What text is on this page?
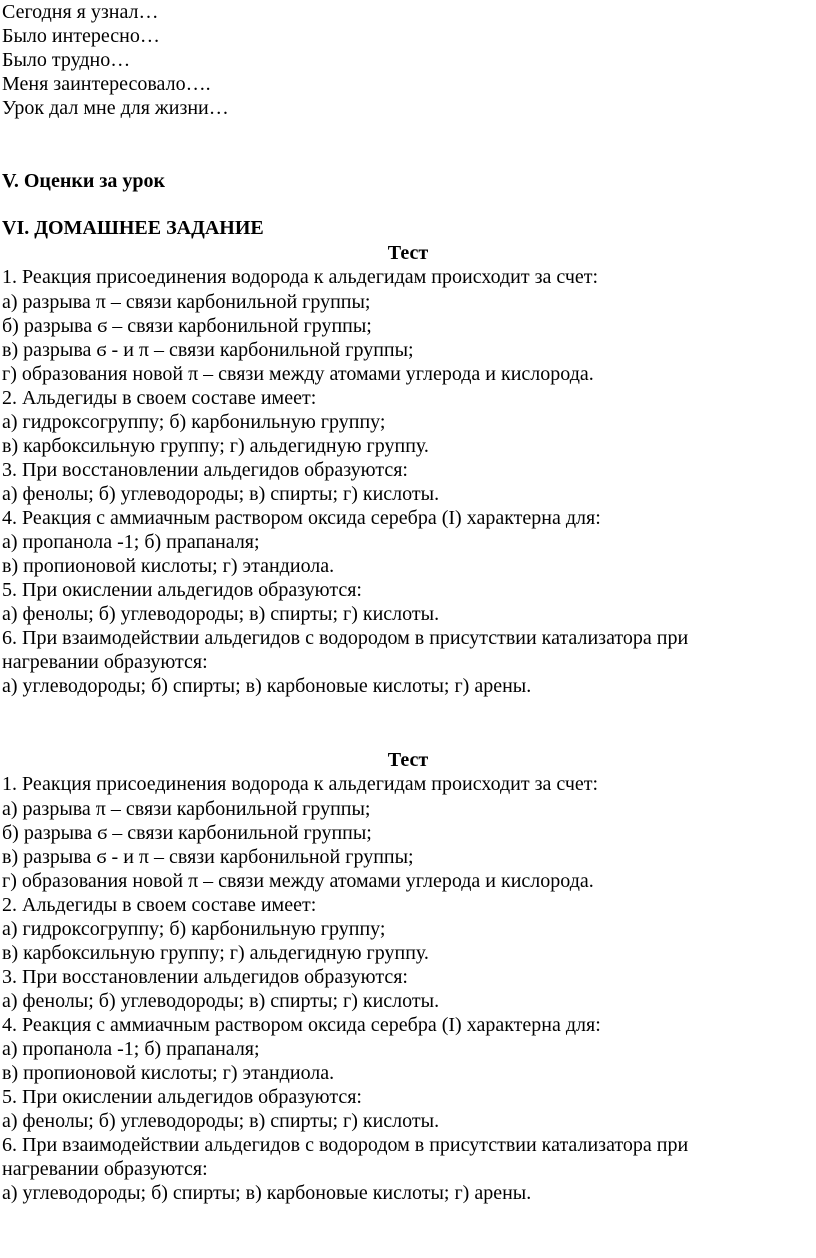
Сегодня я узнал…
Было интересно…
Было трудно…
Меня заинтересовало….
Урок дал мне для жизни…
V. Оценки за урок
VI. ДОМАШНЕЕ ЗАДАНИЕ
Тест
1. Реакция присоединения водорода к альдегидам происходит за счет:
а) разрыва π – связи карбонильной группы;
б) разрыва ϭ – связи карбонильной группы;
в) разрыва ϭ - и π – связи карбонильной группы;
г) образования новой π – связи между атомами углерода и кислорода.
2. Альдегиды в своем составе имеет:
а) гидроксогруппу; б) карбонильную группу;
в) карбоксильную группу; г) альдегидную группу.
3. При восстановлении альдегидов образуются:
а) фенолы; б) углеводороды; в) спирты; г) кислоты.
4. Реакция с аммиачным раствором оксида серебра (I) характерна для:
а) пропанола -1; б) прапаналя;
в) пропионовой кислоты; г) этандиола.
5. При окислении альдегидов образуются:
а) фенолы; б) углеводороды; в) спирты; г) кислоты.
6. При взаимодействии альдегидов с водородом в присутствии катализатора при
нагревании образуются:
а) углеводороды; б) спирты; в) карбоновые кислоты; г) арены.
Тест
1. Реакция присоединения водорода к альдегидам происходит за счет:
а) разрыва π – связи карбонильной группы;
б) разрыва ϭ – связи карбонильной группы;
в) разрыва ϭ - и π – связи карбонильной группы;
г) образования новой π – связи между атомами углерода и кислорода.
2. Альдегиды в своем составе имеет:
а) гидроксогруппу; б) карбонильную группу;
в) карбоксильную группу; г) альдегидную группу.
3. При восстановлении альдегидов образуются:
а) фенолы; б) углеводороды; в) спирты; г) кислоты.
4. Реакция с аммиачным раствором оксида серебра (I) характерна для:
а) пропанола -1; б) прапаналя;
в) пропионовой кислоты; г) этандиола.
5. При окислении альдегидов образуются:
а) фенолы; б) углеводороды; в) спирты; г) кислоты.
6. При взаимодействии альдегидов с водородом в присутствии катализатора при
нагревании образуются:
а) углеводороды; б) спирты; в) карбоновые кислоты; г) арены.
